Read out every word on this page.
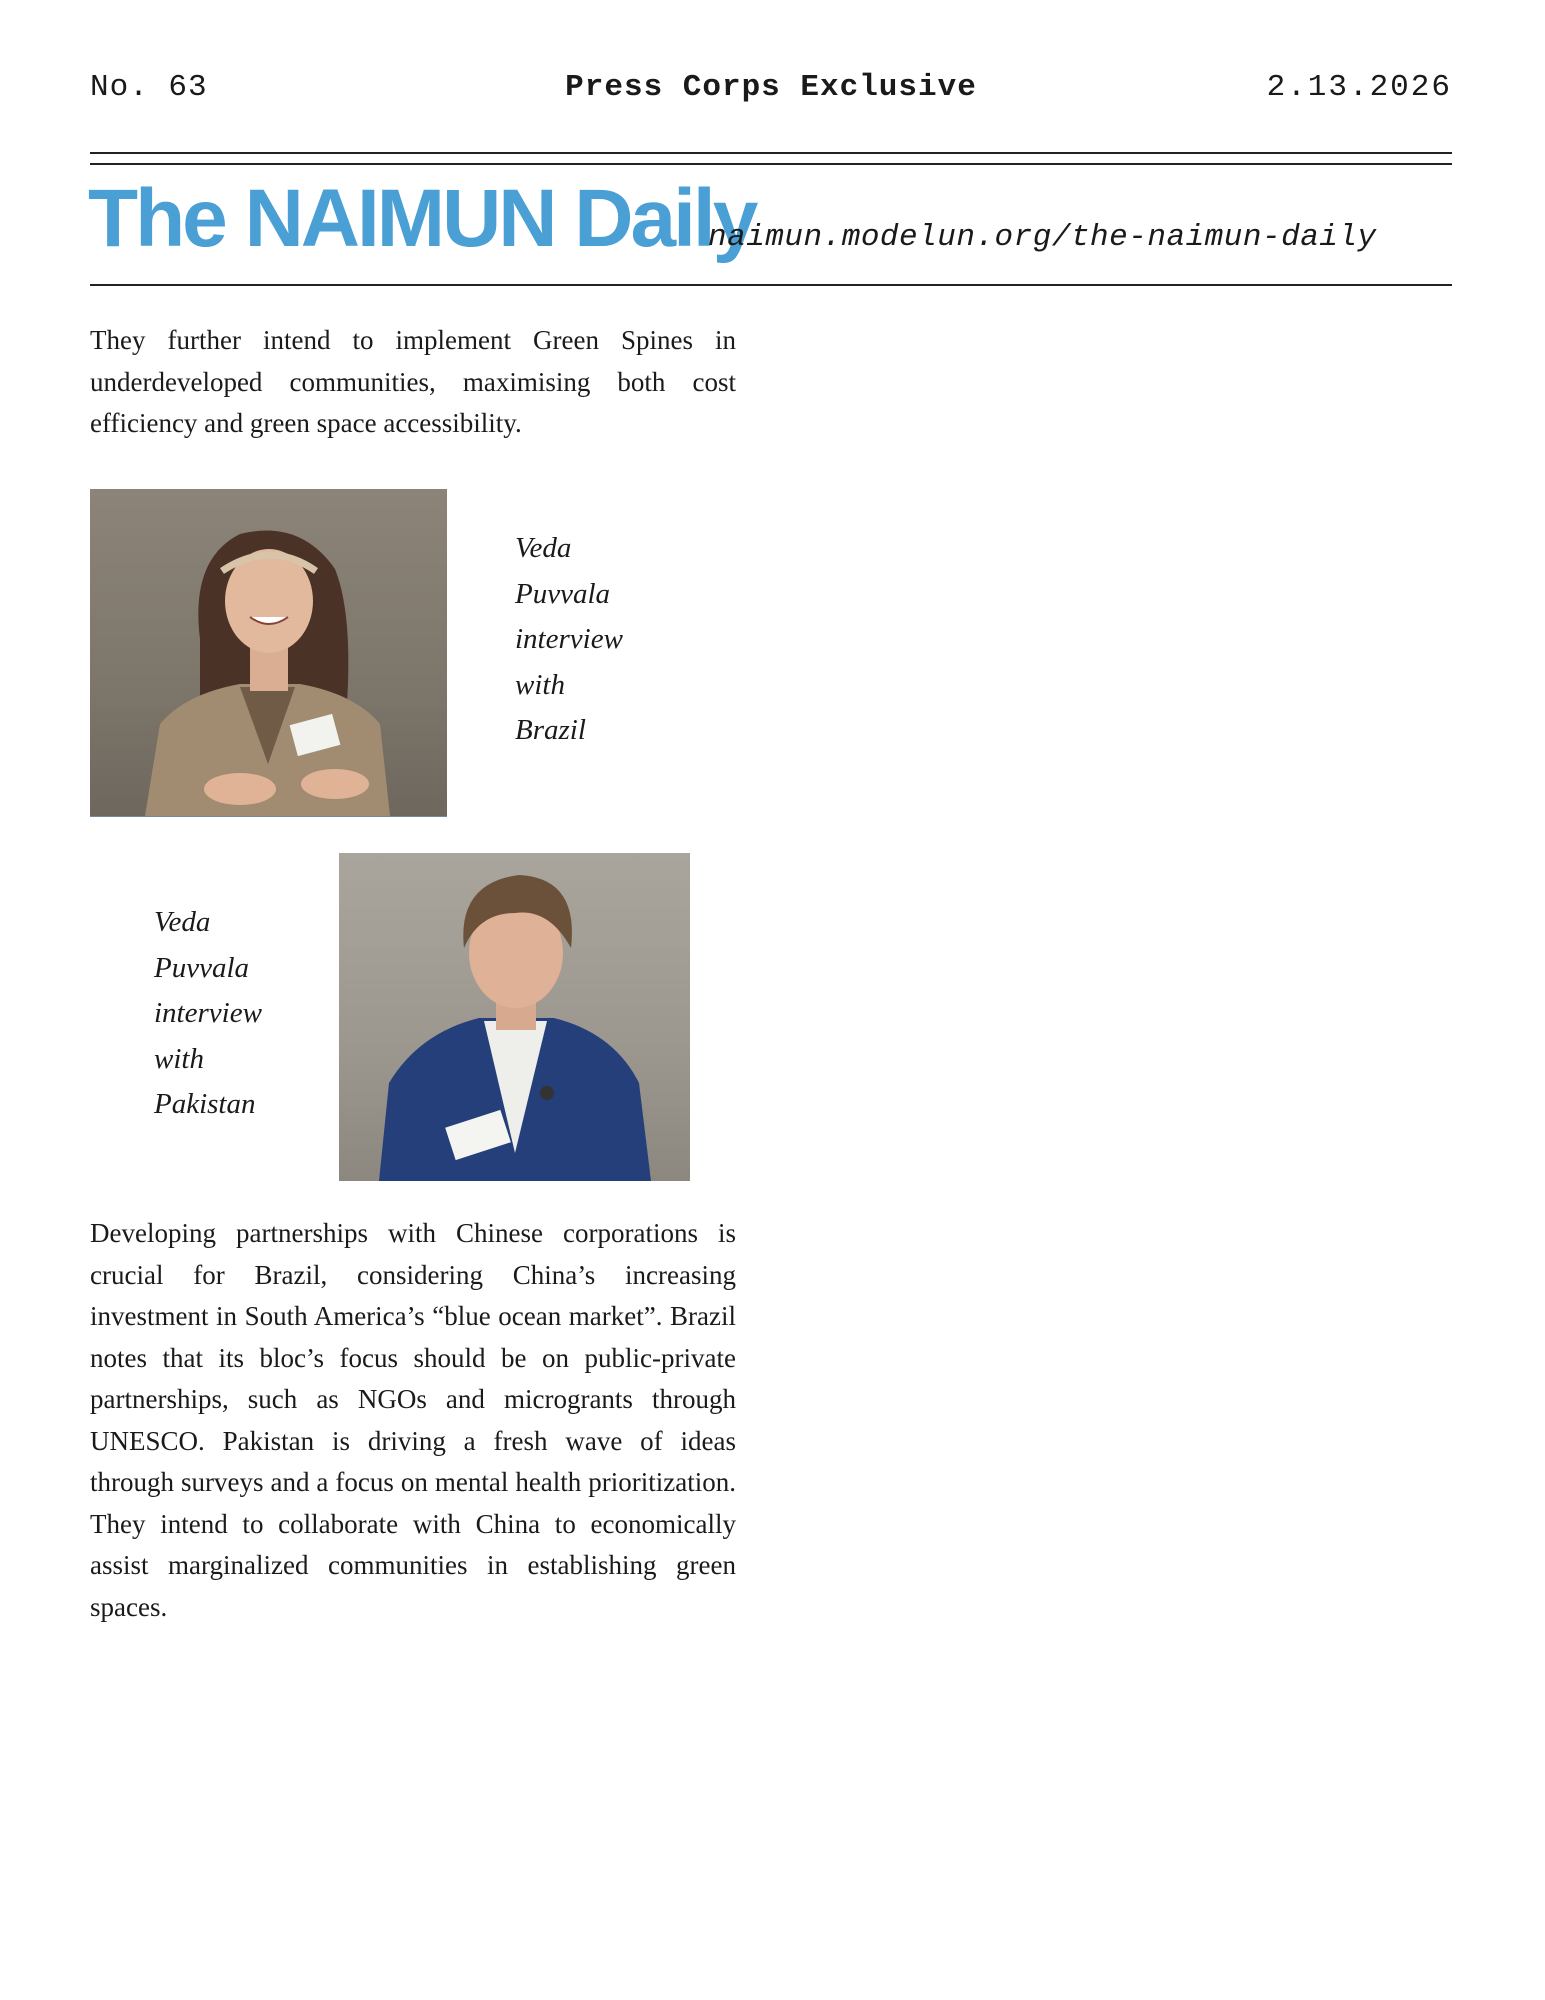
No. 63	Press Corps Exclusive	2.13.2026
The NAIMUN Daily
naimun.modelun.org/the-naimun-daily

They further intend to implement Green Spines in underdeveloped communities, maximising both cost efficiency and green space accessibility.

Veda
Puvvala
interview
with
Brazil
Veda
Puvvala
interview
with
Pakistan

Developing partnerships with Chinese corporations is crucial for Brazil, considering China’s increasing investment in South America’s “blue ocean market”. Brazil notes that its bloc’s focus should be on public-private partnerships, such as NGOs and microgrants through UNESCO. Pakistan is driving a fresh wave of ideas through surveys and a focus on mental health prioritization. They intend to collaborate with China to economically assist marginalized communities in establishing green spaces.
